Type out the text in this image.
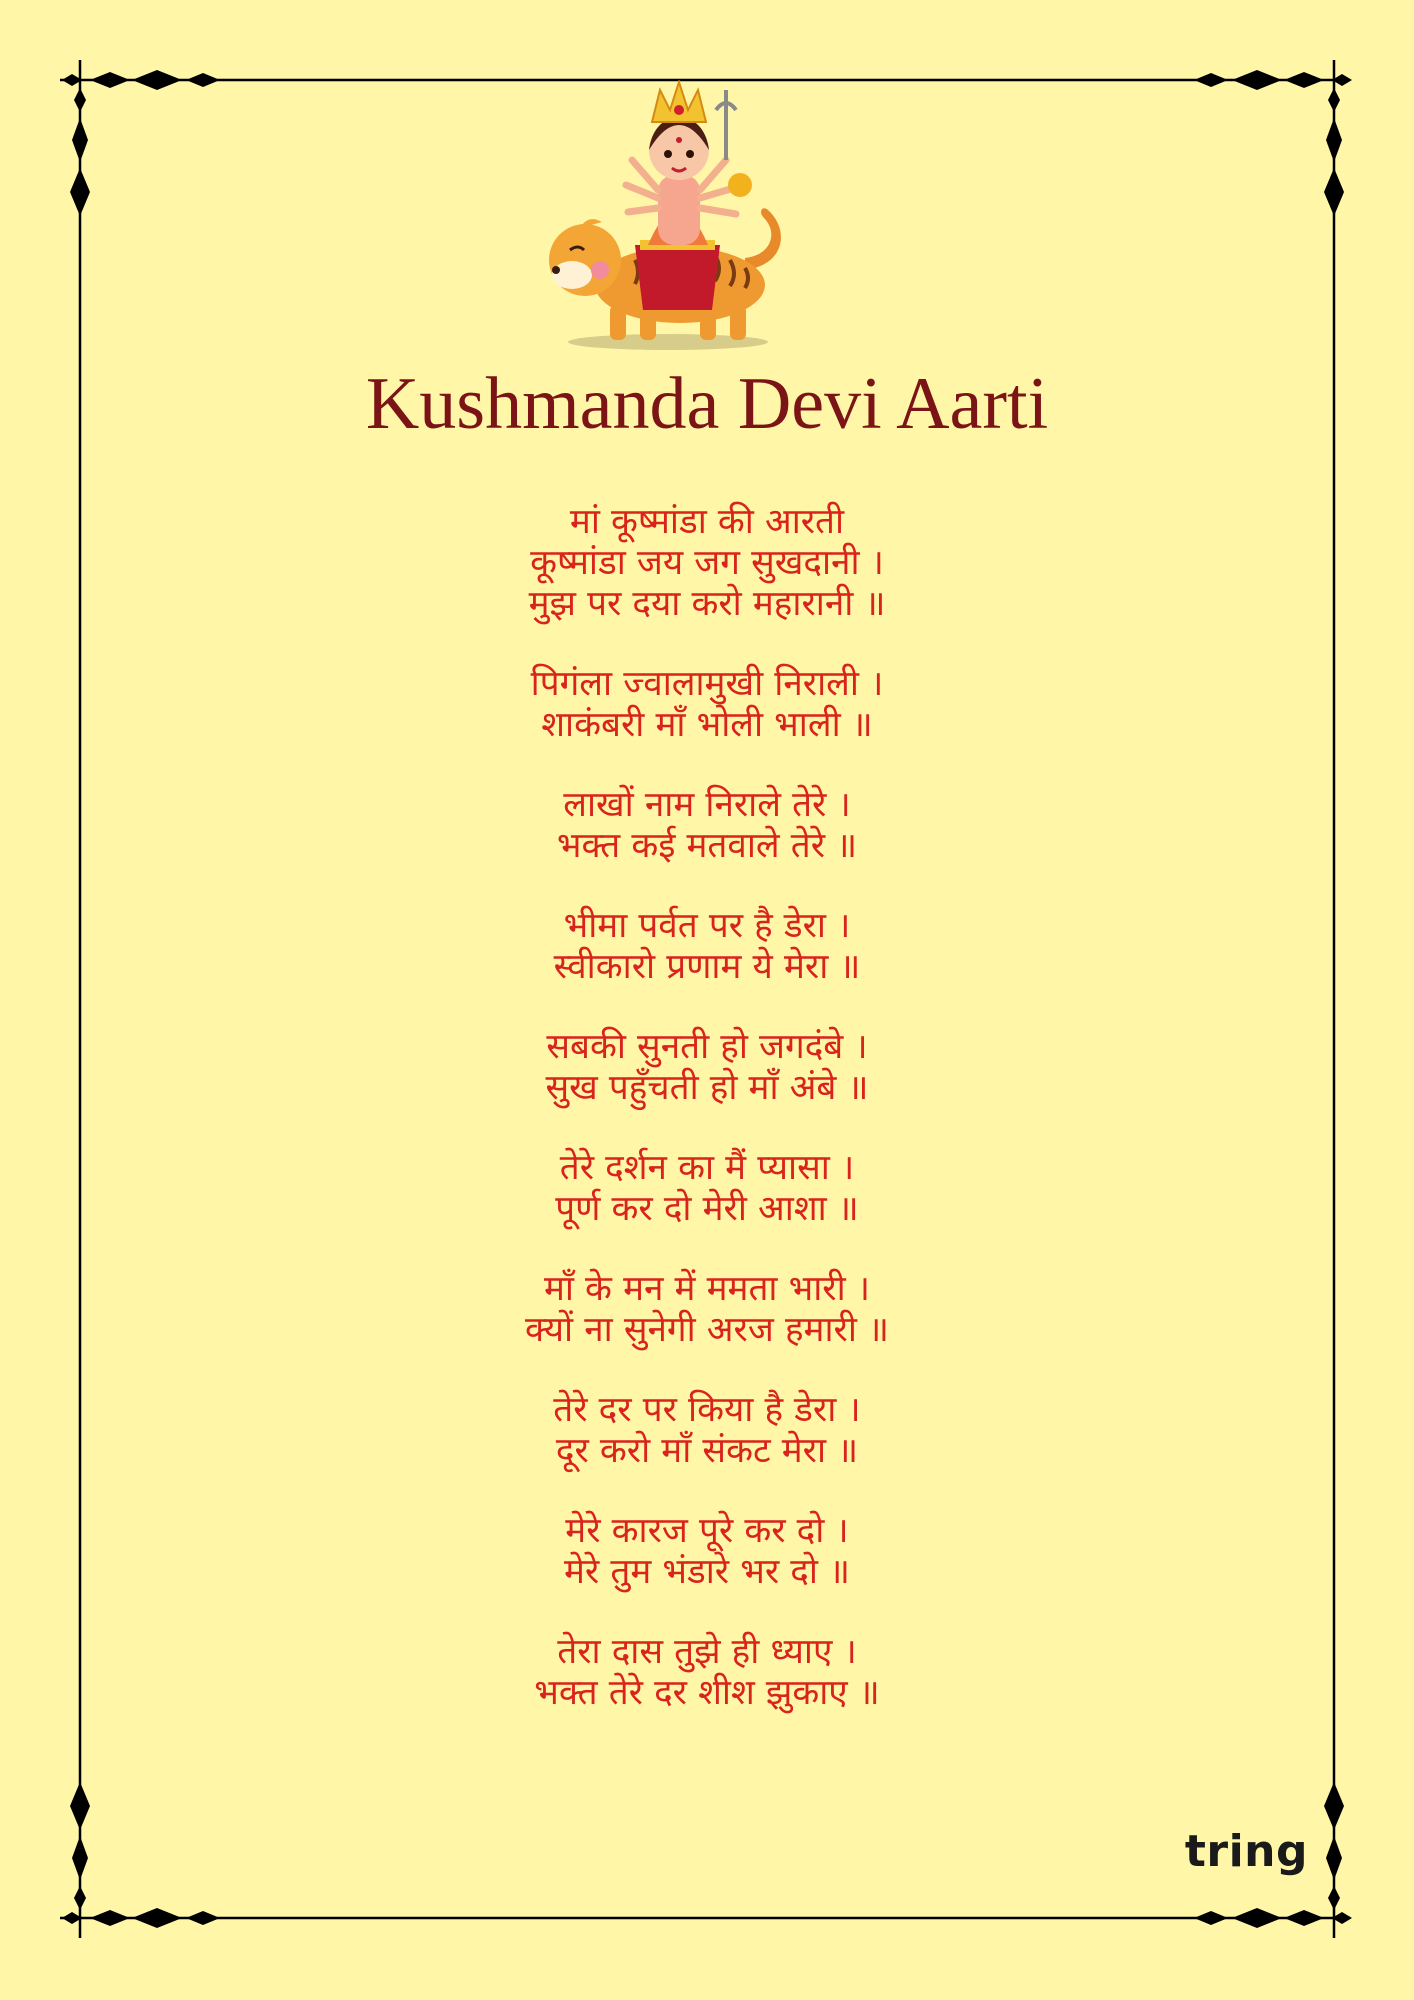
Kushmanda Devi Aarti
मां कूष्मांडा की आरती
कूष्मांडा जय जग सुखदानी ।
मुझ पर दया करो महारानी ॥
पिगंला ज्वालामुखी निराली ।
शाकंबरी माँ भोली भाली ॥
लाखों नाम निराले तेरे ।
भक्त कई मतवाले तेरे ॥
भीमा पर्वत पर है डेरा ।
स्वीकारो प्रणाम ये मेरा ॥
सबकी सुनती हो जगदंबे ।
सुख पहुँचती हो माँ अंबे ॥
तेरे दर्शन का मैं प्यासा ।
पूर्ण कर दो मेरी आशा ॥
माँ के मन में ममता भारी ।
क्यों ना सुनेगी अरज हमारी ॥
तेरे दर पर किया है डेरा ।
दूर करो माँ संकट मेरा ॥
मेरे कारज पूरे कर दो ।
मेरे तुम भंडारे भर दो ॥
तेरा दास तुझे ही ध्याए ।
भक्त तेरे दर शीश झुकाए ॥
tring
